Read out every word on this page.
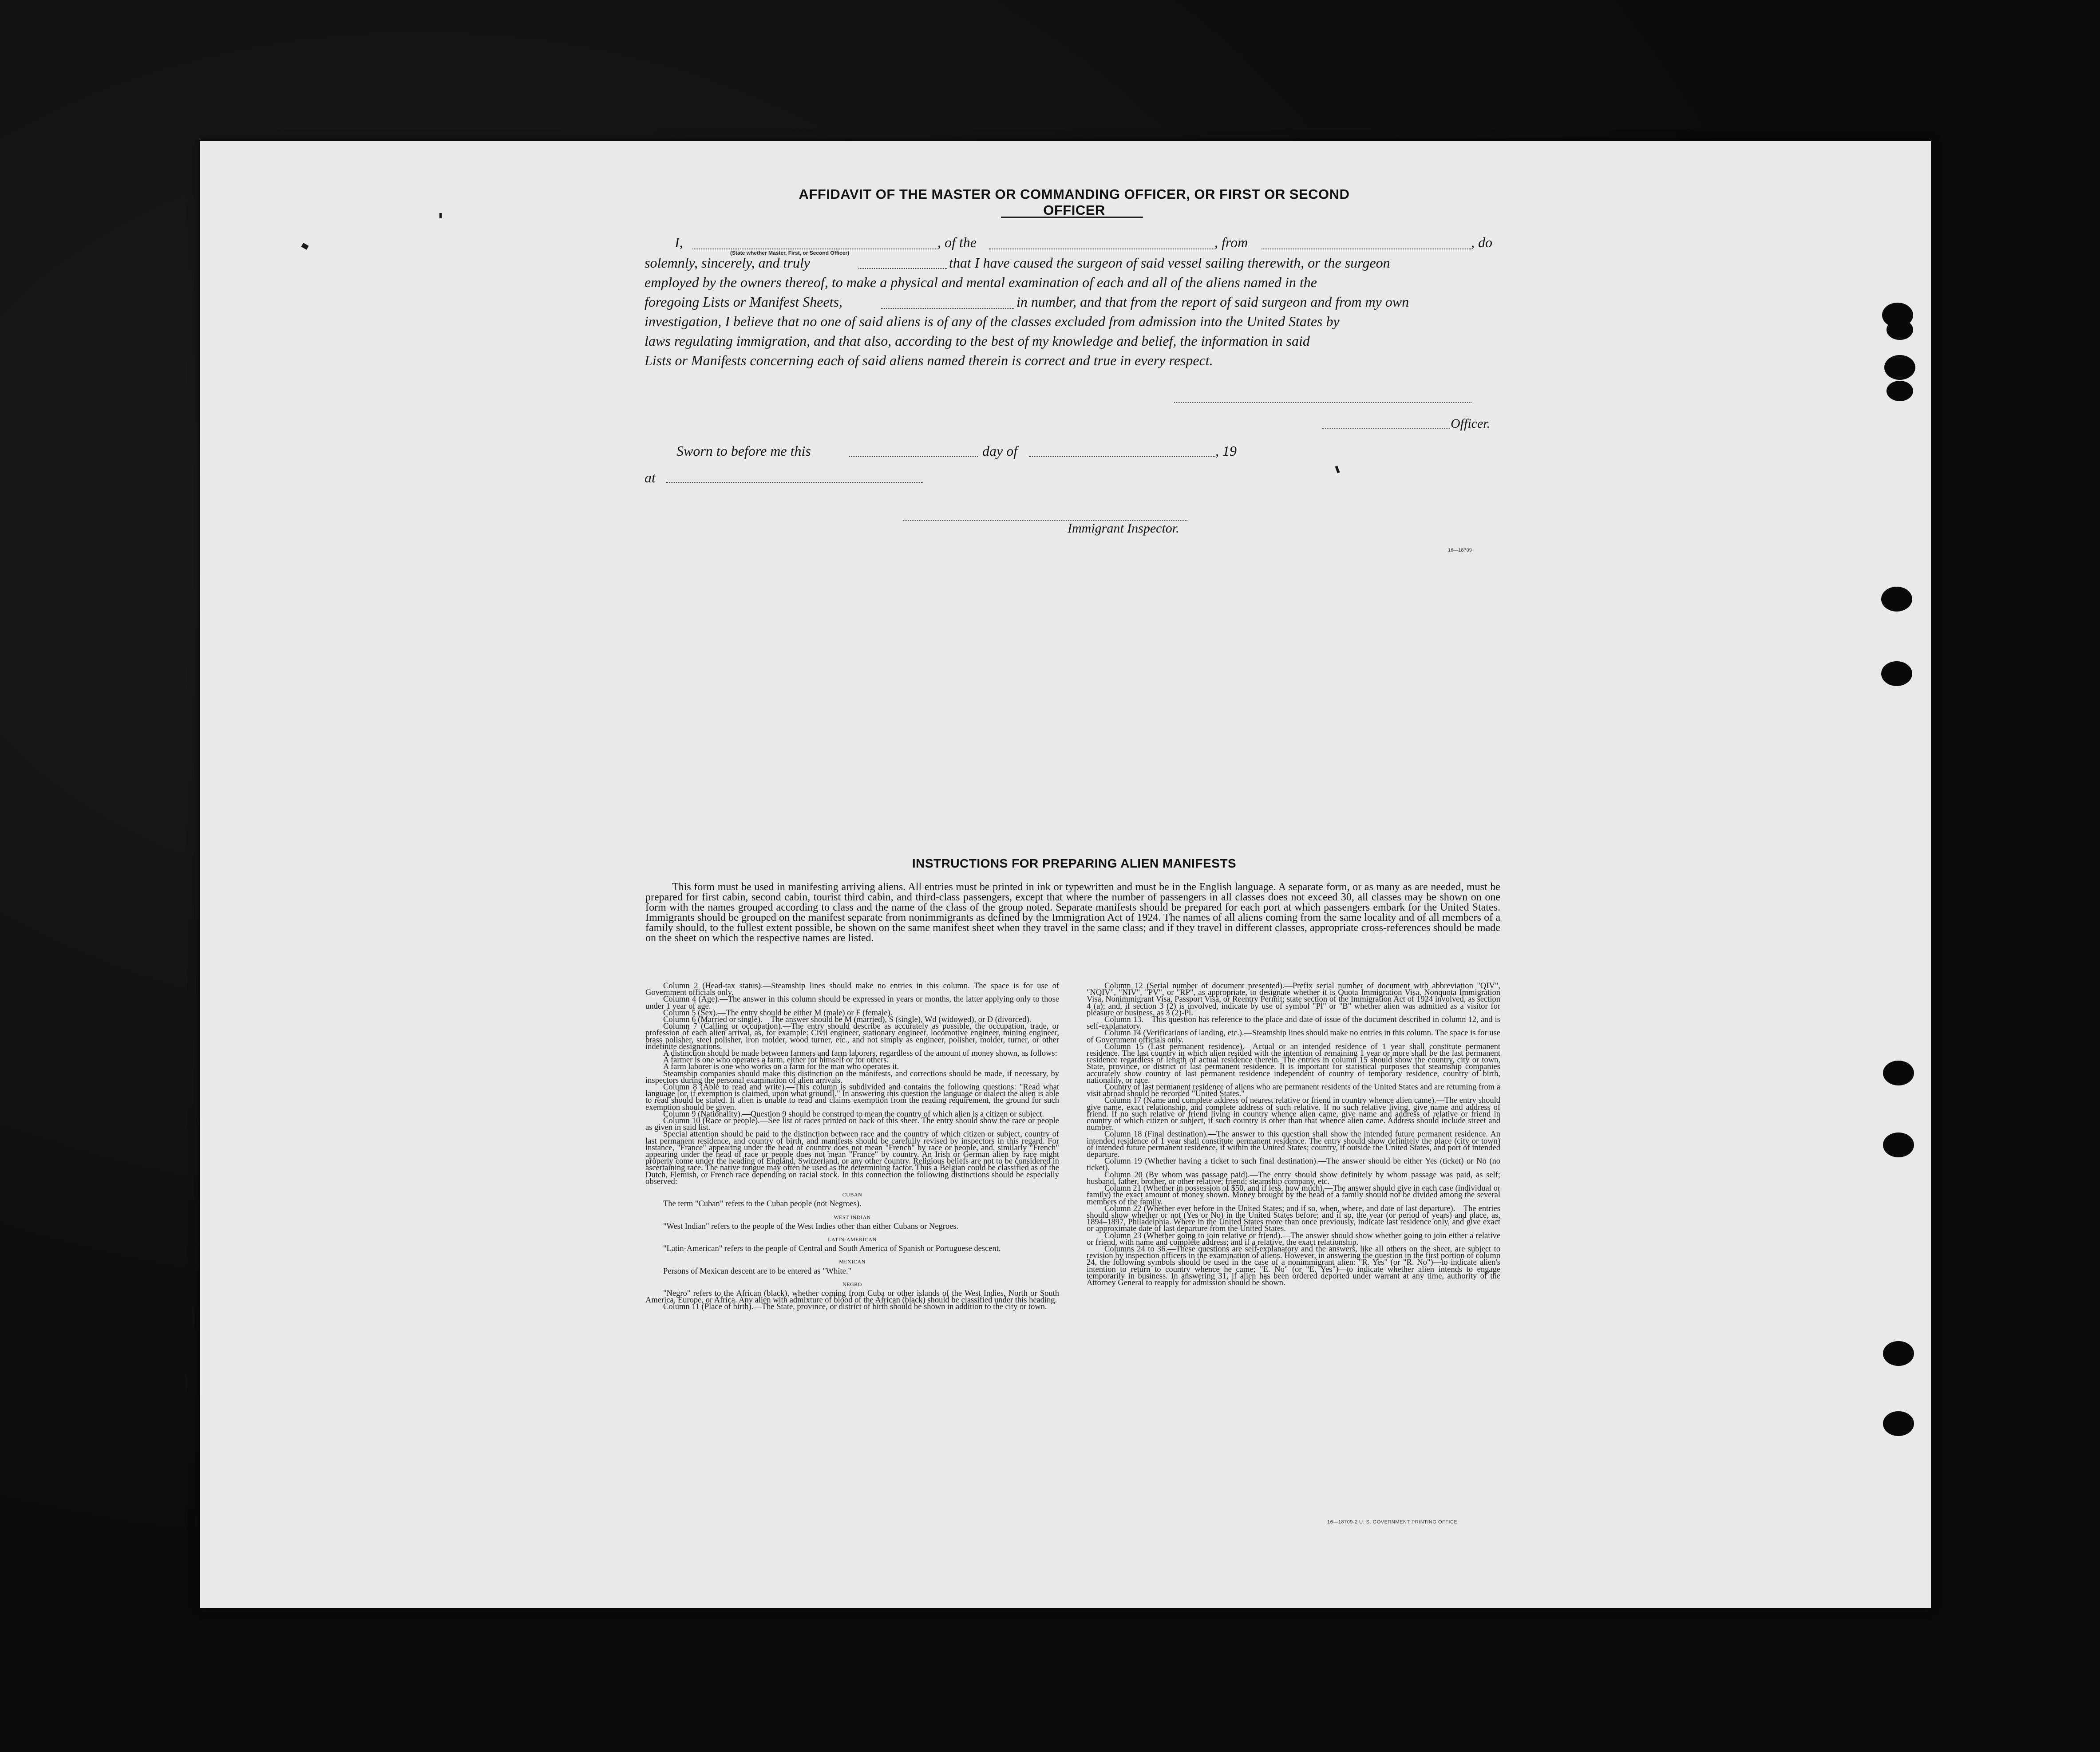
AFFIDAVIT OF THE MASTER OR COMMANDING OFFICER, OR FIRST OR SECOND OFFICER
I,
(State whether Master, First, or Second Officer)
, of the	, from	, do
solemnly, sincerely, and truly	that I have caused the surgeon of said vessel sailing therewith, or the surgeon
employed by the owners thereof, to make a physical and mental examination of each and all of the aliens named in the
foregoing Lists or Manifest Sheets,	in number, and that from the report of said surgeon and from my own
investigation, I believe that no one of said aliens is of any of the classes excluded from admission into the United States by
laws regulating immigration, and that also, according to the best of my knowledge and belief, the information in said
Lists or Manifests concerning each of said aliens named therein is correct and true in every respect.
Officer.
Sworn to before me this	day of	, 19
at
Immigrant Inspector.
16—18709
INSTRUCTIONS FOR PREPARING ALIEN MANIFESTS
This form must be used in manifesting arriving aliens. All entries must be printed in ink or typewritten and must be in the English language. A separate form, or as many as are needed, must be prepared for first cabin, second cabin, tourist third cabin, and third-class passengers, except that where the number of passengers in all classes does not exceed 30, all classes may be shown on one form with the names grouped according to class and the name of the class of the group noted. Separate manifests should be prepared for each port at which passengers embark for the United States. Immigrants should be grouped on the manifest separate from nonimmigrants as defined by the Immigration Act of 1924. The names of all aliens coming from the same locality and of all members of a family should, to the fullest extent possible, be shown on the same manifest sheet when they travel in the same class; and if they travel in different classes, appropriate cross-references should be made on the sheet on which the respective names are listed.

Column 2 (Head-tax status).—Steamship lines should make no entries in this column. The space is for use of Government officials only.

Column 4 (Age).—The answer in this column should be expressed in years or months, the latter applying only to those under 1 year of age.

Column 5 (Sex).—The entry should be either M (male) or F (female).

Column 6 (Married or single).—The answer should be M (married), S (single), Wd (widowed), or D (divorced).

Column 7 (Calling or occupation).—The entry should describe as accurately as possible, the occupation, trade, or profession of each alien arrival, as, for example: Civil engineer, stationary engineer, locomotive engineer, mining engineer, brass polisher, steel polisher, iron molder, wood turner, etc., and not simply as engineer, polisher, molder, turner, or other indefinite designations.

A distinction should be made between farmers and farm laborers, regardless of the amount of money shown, as follows:

A farmer is one who operates a farm, either for himself or for others.

A farm laborer is one who works on a farm for the man who operates it.

Steamship companies should make this distinction on the manifests, and corrections should be made, if necessary, by inspectors during the personal examination of alien arrivals.

Column 8 (Able to read and write).—This column is subdivided and contains the following questions: "Read what language [or, if exemption is claimed, upon what ground]." In answering this question the language or dialect the alien is able to read should be stated. If alien is unable to read and claims exemption from the reading requirement, the ground for such exemption should be given.

Column 9 (Nationality).—Question 9 should be construed to mean the country of which alien is a citizen or subject.

Column 10 (Race or people).—See list of races printed on back of this sheet. The entry should show the race or people as given in said list.

Special attention should be paid to the distinction between race and the country of which citizen or subject, country of last permanent residence, and country of birth, and manifests should be carefully revised by inspectors in this regard. For instance, "France" appearing under the head of country does not mean "French" by race or people, and, similarly "French" appearing under the head of race or people does not mean "France" by country. An Irish or German alien by race might properly come under the heading of England, Switzerland, or any other country. Religious beliefs are not to be considered in ascertaining race. The native tongue may often be used as the determining factor. Thus a Belgian could be classified as of the Dutch, Flemish, or French race depending on racial stock. In this connection the following distinctions should be especially observed:

CUBAN

The term "Cuban" refers to the Cuban people (not Negroes).

WEST INDIAN

"West Indian" refers to the people of the West Indies other than either Cubans or Negroes.

LATIN-AMERICAN

"Latin-American" refers to the people of Central and South America of Spanish or Portuguese descent.

MEXICAN

Persons of Mexican descent are to be entered as "White."

NEGRO

"Negro" refers to the African (black), whether coming from Cuba or other islands of the West Indies, North or South America, Europe, or Africa. Any alien with admixture of blood of the African (black) should be classified under this heading.

Column 11 (Place of birth).—The State, province, or district of birth should be shown in addition to the city or town.

Column 12 (Serial number of document presented).—Prefix serial number of document with abbreviation "QIV", "NQIV", "NIV", "PV", or "RP", as appropriate, to designate whether it is Quota Immigration Visa, Nonquota Immigration Visa, Nonimmigrant Visa, Passport Visa, or Reentry Permit; state section of the Immigration Act of 1924 involved, as section 4 (a); and, if section 3 (2) is involved, indicate by use of symbol "Pl" or "B" whether alien was admitted as a visitor for pleasure or business, as 3 (2)-Pl.

Column 13.—This question has reference to the place and date of issue of the document described in column 12, and is self-explanatory.

Column 14 (Verifications of landing, etc.).—Steamship lines should make no entries in this column. The space is for use of Government officials only.

Column 15 (Last permanent residence).—Actual or an intended residence of 1 year shall constitute permanent residence. The last country in which alien resided with the intention of remaining 1 year or more shall be the last permanent residence regardless of length of actual residence therein. The entries in column 15 should show the country, city or town, State, province, or district of last permanent residence. It is important for statistical purposes that steamship companies accurately show country of last permanent residence independent of country of temporary residence, country of birth, nationality, or race.

Country of last permanent residence of aliens who are permanent residents of the United States and are returning from a visit abroad should be recorded "United States."

Column 17 (Name and complete address of nearest relative or friend in country whence alien came).—The entry should give name, exact relationship, and complete address of such relative. If no such relative living, give name and address of friend. If no such relative or friend living in country whence alien came, give name and address of relative or friend in country of which citizen or subject, if such country is other than that whence alien came. Address should include street and number.

Column 18 (Final destination).—The answer to this question shall show the intended future permanent residence. An intended residence of 1 year shall constitute permanent residence. The entry should show definitely the place (city or town) of intended future permanent residence, if within the United States; country, if outside the United States, and port of intended departure.

Column 19 (Whether having a ticket to such final destination).—The answer should be either Yes (ticket) or No (no ticket).

Column 20 (By whom was passage paid).—The entry should show definitely by whom passage was paid, as self; husband, father, brother, or other relative; friend; steamship company, etc.

Column 21 (Whether in possession of $50, and if less, how much).—The answer should give in each case (individual or family) the exact amount of money shown. Money brought by the head of a family should not be divided among the several members of the family.

Column 22 (Whether ever before in the United States; and if so, when, where, and date of last departure).—The entries should show whether or not (Yes or No) in the United States before; and if so, the year (or period of years) and place, as, 1894–1897, Philadelphia. Where in the United States more than once previously, indicate last residence only, and give exact or approximate date of last departure from the United States.

Column 23 (Whether going to join relative or friend).—The answer should show whether going to join either a relative or friend, with name and complete address; and if a relative, the exact relationship.

Columns 24 to 36.—These questions are self-explanatory and the answers, like all others on the sheet, are subject to revision by inspection officers in the examination of aliens. However, in answering the question in the first portion of column 24, the following symbols should be used in the case of a nonimmigrant alien: "R. Yes" (or "R. No")—to indicate alien's intention to return to country whence he came; "E. No" (or "E. Yes")—to indicate whether alien intends to engage temporarily in business. In answering 31, if alien has been ordered deported under warrant at any time, authority of the Attorney General to reapply for admission should be shown.

16—18709-2 U. S. GOVERNMENT PRINTING OFFICE
